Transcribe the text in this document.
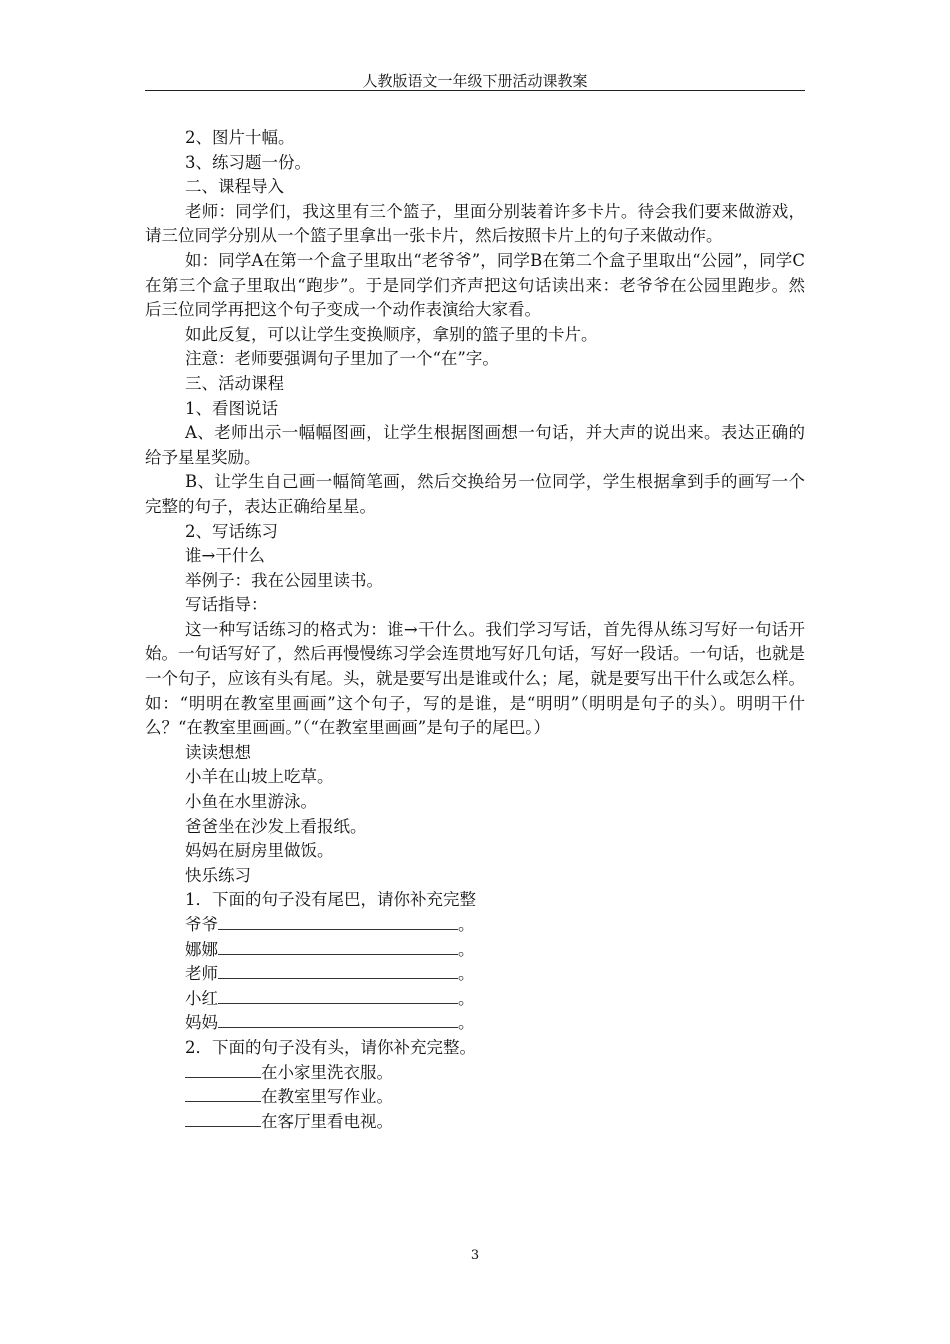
人教版语文一年级下册活动课教案

2、图片十幅。

3、练习题一份。

二、课程导入

老师：同学们，我这里有三个篮子，里面分别装着许多卡片。待会我们要来做游戏，请三位同学分别从一个篮子里拿出一张卡片，然后按照卡片上的句子来做动作。

如：同学A在第一个盒子里取出“老爷爷”，同学B在第二个盒子里取出“公园”，同学C在第三个盒子里取出“跑步”。于是同学们齐声把这句话读出来：老爷爷在公园里跑步。然后三位同学再把这个句子变成一个动作表演给大家看。

如此反复，可以让学生变换顺序，拿别的篮子里的卡片。

注意：老师要强调句子里加了一个“在”字。

三、活动课程

1、看图说话

A、老师出示一幅幅图画，让学生根据图画想一句话，并大声的说出来。表达正确的给予星星奖励。

B、让学生自己画一幅简笔画，然后交换给另一位同学，学生根据拿到手的画写一个完整的句子，表达正确给星星。

2、写话练习

谁→干什么

举例子：我在公园里读书。

写话指导：

这一种写话练习的格式为：谁→干什么。我们学习写话，首先得从练习写好一句话开始。一句话写好了，然后再慢慢练习学会连贯地写好几句话，写好一段话。一句话，也就是一个句子，应该有头有尾。头，就是要写出是谁或什么；尾，就是要写出干什么或怎么样。如：“明明在教室里画画”这个句子，写的是谁，是“明明”（明明是句子的头）。明明干什么？“在教室里画画。”（“在教室里画画”是句子的尾巴。）

读读想想

小羊在山坡上吃草。

小鱼在水里游泳。

爸爸坐在沙发上看报纸。

妈妈在厨房里做饭。

快乐练习

1．下面的句子没有尾巴，请你补充完整

爷爷	。

娜娜	。

老师	。

小红	。

妈妈	。

2．下面的句子没有头，请你补充完整。

在小家里洗衣服。

在教室里写作业。

在客厅里看电视。

3
